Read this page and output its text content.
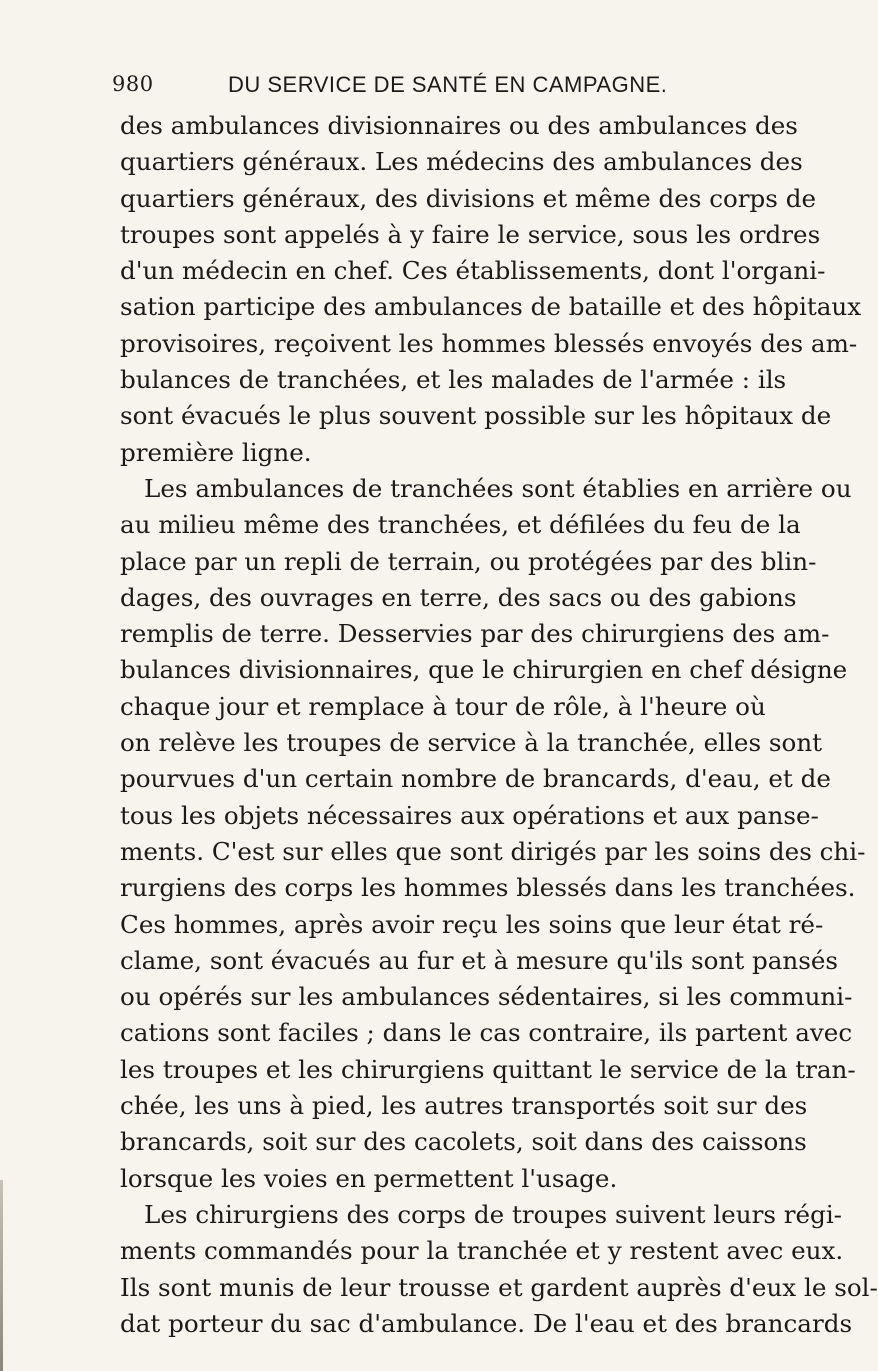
980	DU SERVICE DE SANTÉ EN CAMPAGNE.
des ambulances divisionnaires ou des ambulances des
quartiers généraux. Les médecins des ambulances des
quartiers généraux, des divisions et même des corps de
troupes sont appelés à y faire le service, sous les ordres
d'un médecin en chef. Ces établissements, dont l'organi-
sation participe des ambulances de bataille et des hôpitaux
provisoires, reçoivent les hommes blessés envoyés des am-
bulances de tranchées, et les malades de l'armée : ils
sont évacués le plus souvent possible sur les hôpitaux de
première ligne.
Les ambulances de tranchées sont établies en arrière ou
au milieu même des tranchées, et défilées du feu de la
place par un repli de terrain, ou protégées par des blin-
dages, des ouvrages en terre, des sacs ou des gabions
remplis de terre. Desservies par des chirurgiens des am-
bulances divisionnaires, que le chirurgien en chef désigne
chaque jour et remplace à tour de rôle, à l'heure où
on relève les troupes de service à la tranchée, elles sont
pourvues d'un certain nombre de brancards, d'eau, et de
tous les objets nécessaires aux opérations et aux panse-
ments. C'est sur elles que sont dirigés par les soins des chi-
rurgiens des corps les hommes blessés dans les tranchées.
Ces hommes, après avoir reçu les soins que leur état ré-
clame, sont évacués au fur et à mesure qu'ils sont pansés
ou opérés sur les ambulances sédentaires, si les communi-
cations sont faciles ; dans le cas contraire, ils partent avec
les troupes et les chirurgiens quittant le service de la tran-
chée, les uns à pied, les autres transportés soit sur des
brancards, soit sur des cacolets, soit dans des caissons
lorsque les voies en permettent l'usage.
Les chirurgiens des corps de troupes suivent leurs régi-
ments commandés pour la tranchée et y restent avec eux.
Ils sont munis de leur trousse et gardent auprès d'eux le sol-
dat porteur du sac d'ambulance. De l'eau et des brancards
